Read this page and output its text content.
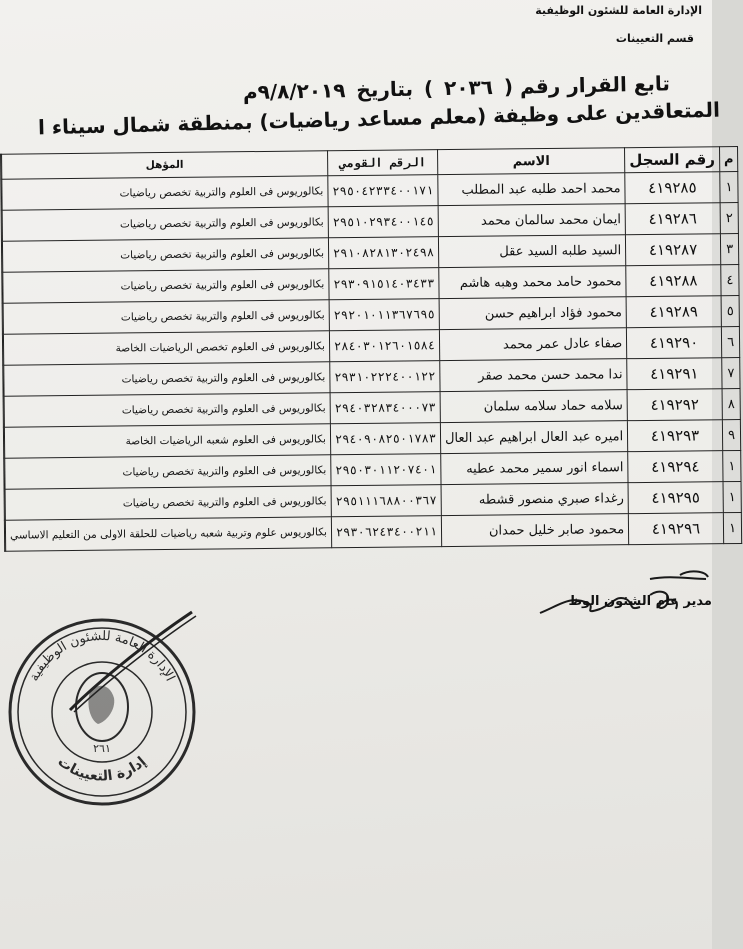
الإدارة العامة للشئون الوظيفية
قسم التعيينات
تابع القرار رقم ( ٢٠٣٦ ) بتاريخ ٩/٨/٢٠١٩م
المتعاقدين على وظيفة (معلم مساعد رياضيات) بمنطقة شمال سيناء ا
م	رقم السجل	الاسم	الرقم القومي	المؤهل	
١	٤١٩٢٨٥	محمد احمد طلبه عبد المطلب	٢٩٥٠٤٢٣٣٤٠٠١٧١	بكالوريوس فى العلوم والتربية تخصص رياضيات	
٢	٤١٩٢٨٦	ايمان محمد سالمان محمد	٢٩٥١٠٢٩٣٤٠٠١٤٥	بكالوريوس فى العلوم والتربية تخصص رياضيات	
٣	٤١٩٢٨٧	السيد طلبه السيد عقل	٢٩١٠٨٢٨١٣٠٢٤٩٨	بكالوريوس فى العلوم والتربية تخصص رياضيات	
٤	٤١٩٢٨٨	محمود حامد محمد وهبه هاشم	٢٩٣٠٩١٥١٤٠٣٤٣٣	بكالوريوس فى العلوم والتربية تخصص رياضيات	
٥	٤١٩٢٨٩	محمود فؤاد ابراهيم حسن	٢٩٢٠١٠١١٣٦٧٦٩٥	بكالوريوس فى العلوم والتربية تخصص رياضيات	
٦	٤١٩٢٩٠	صفاء عادل عمر محمد	٢٨٤٠٣٠١٢٦٠١٥٨٤	بكالوريوس فى العلوم تخصص الرياضيات الخاصة	
٧	٤١٩٢٩١	ندا محمد حسن محمد صقر	٢٩٣١٠٢٢٢٤٠٠١٢٢	بكالوريوس فى العلوم والتربية تخصص رياضيات	
٨	٤١٩٢٩٢	سلامه حماد سلامه سلمان	٢٩٤٠٣٢٨٣٤٠٠٠٧٣	بكالوريوس فى العلوم والتربية تخصص رياضيات	
٩	٤١٩٢٩٣	اميره عبد العال ابراهيم عبد العال	٢٩٤٠٩٠٨٢٥٠١٧٨٣	بكالوريوس فى العلوم شعبه الرياضيات الخاصة	
١	٤١٩٢٩٤	اسماء انور سمير محمد عطيه	٢٩٥٠٣٠١١٢٠٧٤٠١	بكالوريوس فى العلوم والتربية تخصص رياضيات	
١	٤١٩٢٩٥	رغداء صبري منصور قشطه	٢٩٥١١١٦٨٨٠٠٣٦٧	بكالوريوس فى العلوم والتربية تخصص رياضيات	
١	٤١٩٢٩٦	محمود صابر خليل حمدان	٢٩٣٠٦٢٤٣٤٠٠٢١١	بكالوريوس علوم وتربية شعبه رياضيات للحلقة الاولى من التعليم الاساسي	
مدير عام الشئون الوظ
الإدارة العامة للشئون الوظيفية
إدارة التعيينات
٢٦١
